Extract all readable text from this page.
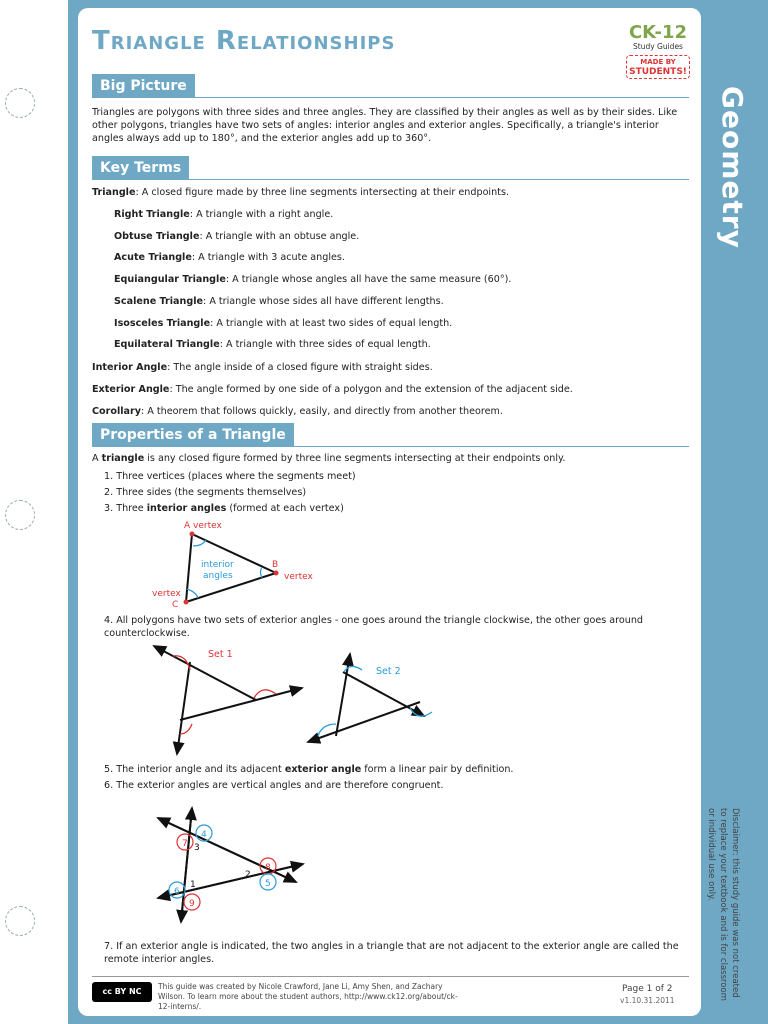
Disclaimer: this study guide was not created to replace your textbook and is for classroom or individual use only.
Triangle Relationships	CK-12
Study Guides
MADE BY
STUDENTS!
Big Picture
Triangles are polygons with three sides and three angles. They are classified by their angles as well as by their sides. Like other polygons, triangles have two sets of angles: interior angles and exterior angles. Specifically, a triangle's interior angles always add up to 180°, and the exterior angles add up to 360°.
Key Terms
Triangle: A closed figure made by three line segments intersecting at their endpoints.
Right Triangle: A triangle with a right angle.
Obtuse Triangle: A triangle with an obtuse angle.
Acute Triangle: A triangle with 3 acute angles.
Equiangular Triangle: A triangle whose angles all have the same measure (60°).
Scalene Triangle: A triangle whose sides all have different lengths.
Isosceles Triangle: A triangle with at least two sides of equal length.
Equilateral Triangle: A triangle with three sides of equal length.
Interior Angle: The angle inside of a closed figure with straight sides.
Exterior Angle: The angle formed by one side of a polygon and the extension of the adjacent side.
Corollary: A theorem that follows quickly, easily, and directly from another theorem.
Properties of a Triangle
A triangle is any closed figure formed by three line segments intersecting at their endpoints only.
1. Three vertices (places where the segments meet)
2. Three sides (the segments themselves)
3. Three interior angles (formed at each vertex)
A vertex
B
vertex
vertex
C
interior
angles
4. All polygons have two sets of exterior angles - one goes around the triangle clockwise, the other goes around counterclockwise.
Set 1
Set 2
5. The interior angle and its adjacent exterior angle form a linear pair by definition.
6. The exterior angles are vertical angles and are therefore congruent.
4
7 3
6
1
9
2
8
5
7. If an exterior angle is indicated, the two angles in a triangle that are not adjacent to the exterior angle are called the remote interior angles.
cc BY NC
This guide was created by Nicole Crawford, Jane Li, Amy Shen, and Zachary Wilson. To learn more about the student authors, http://www.ck12.org/about/ck-12-interns/.
Page 1 of 2
v1.10.31.2011
